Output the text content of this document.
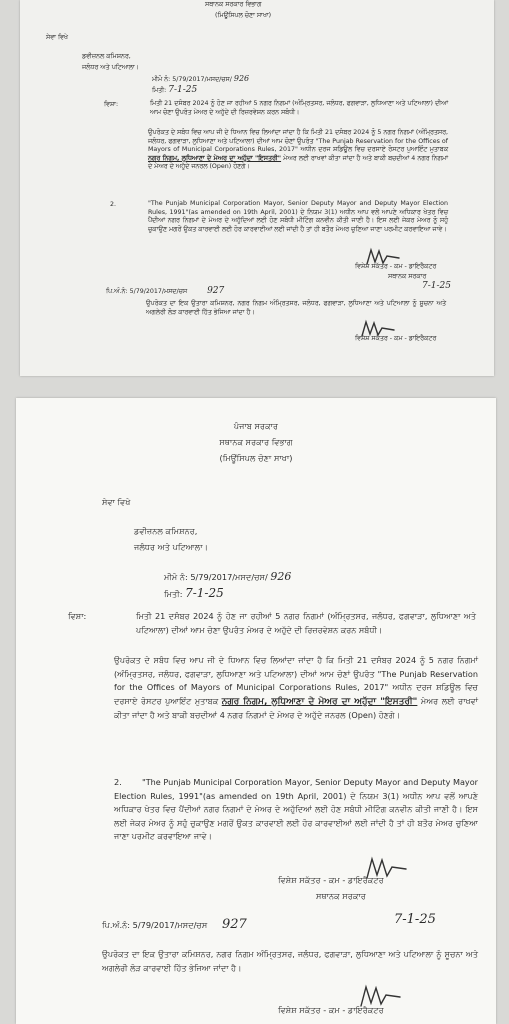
ਸਥਾਨਕ ਸਰਕਾਰ ਵਿਭਾਗ
(ਮਿਊਂਸਿਪਲ ਚੋਣਾ ਸਾਖਾ)
ਸੇਵਾ ਵਿਖੇ
ਡਵੀਜ਼ਨਲ ਕਮਿਸ਼ਨਰ,
ਜਲੰਧਰ ਅਤੇ ਪਟਿਆਲਾ।
ਮੀਮੋ ਨੰ: 5/79/2017/ਮਸਦ/ਚਸ/ 926
ਮਿਤੀ: 7-1-25
ਵਿਸ਼ਾ:	ਮਿਤੀ 21 ਦਸੰਬਰ 2024 ਨੂੰ ਹੋਣ ਜਾ ਰਹੀਆਂ 5 ਨਗਰ ਨਿਗਮਾਂ (ਅੰਮ੍ਰਿਤਸਰ, ਜਲੰਧਰ, ਫਗਵਾੜਾ, ਲੁਧਿਆਣਾ ਅਤੇ ਪਟਿਆਲਾ) ਦੀਆਂ ਆਮ ਚੋਣਾ ਉਪਰੰਤ ਮੇਅਰ ਦੇ ਅਹੁੱਦੇ ਦੀ ਰਿਜ਼ਰਵੇਸ਼ਨ ਕਰਨ ਸਬੰਧੀ।
ਉਪਰੋਕਤ ਦੇ ਸਬੰਧ ਵਿਚ ਆਪ ਜੀ ਦੇ ਧਿਆਨ ਵਿਚ ਲਿਆਂਦਾ ਜਾਂਦਾ ਹੈ ਕਿ ਮਿਤੀ 21 ਦਸੰਬਰ 2024 ਨੂੰ 5 ਨਗਰ ਨਿਗਮਾਂ (ਅੰਮ੍ਰਿਤਸਰ, ਜਲੰਧਰ, ਫਗਵਾੜਾ, ਲੁਧਿਆਣਾ ਅਤੇ ਪਟਿਆਲਾ) ਦੀਆਂ ਆਮ ਚੋਣਾਂ ਉਪਰੰਤ "The Punjab Reservation for the Offices of Mayors of Municipal Corporations Rules, 2017" ਅਧੀਨ ਦਰਜ ਸ਼ਡਿਊਲ ਵਿਚ ਦਰਸਾਏ ਰੋਸਟਰ ਪੁਆਇੰਟ ਮੁਤਾਬਕ ਨਗਰ ਨਿਗਮ, ਲੁਧਿਆਣਾ ਦੇ ਮੇਅਰ ਦਾ ਅਹੁੱਦਾ "ਇਸਤਰੀ" ਮੇਅਰ ਲਈ ਰਾਖਵਾਂ ਕੀਤਾ ਜਾਂਦਾ ਹੈ ਅਤੇ ਬਾਕੀ ਬਚਦੀਆਂ 4 ਨਗਰ ਨਿਗਮਾਂ ਦੇ ਮੇਅਰ ਦੇ ਅਹੁੱਦੇ ਜਨਰਲ (Open) ਹੋਣਗੇ।
2.	"The Punjab Municipal Corporation Mayor, Senior Deputy Mayor and Deputy Mayor Election Rules, 1991"(as amended on 19th April, 2001) ਦੇ ਨਿਯਮ 3(1) ਅਧੀਨ ਆਪ ਵਲੋਂ ਆਪਣੇ ਅਧਿਕਾਰ ਖੇਤਰ ਵਿਚ ਪੈਂਦੀਆਂ ਨਗਰ ਨਿਗਮਾਂ ਦੇ ਮੇਅਰ ਦੇ ਅਹੁੱਦਿਆਂ ਲਈ ਹੋਣ ਸਬੰਧੀ ਮੀਟਿੰਗ ਕਨਵੀਨ ਕੀਤੀ ਜਾਣੀ ਹੈ। ਇਸ ਲਈ ਜੇਕਰ ਮੇਅਰ ਨੂੰ ਸਹੁੰ ਚੁਕਾਉਣ ਮਗਰੋਂ ਉਕਤ ਕਾਰਵਾਈ ਲਈ ਹੋਰ ਕਾਰਵਾਈਆਂ ਲਈ ਜਾਂਦੀ ਹੈ ਤਾਂ ਹੀ ਬਤੌਰ ਮੇਅਰ ਚੁਣਿਆ ਜਾਣਾ ਪਰਮੀਟ ਕਰਵਾਇਆ ਜਾਵੇ।
ਵਿਸ਼ੇਸ਼ ਸਕੱਤਰ - ਕਮ - ਡਾਇਰੈਕਟਰ
ਸਥਾਨਕ ਸਰਕਾਰ
ਪਿ.ਅੰ.ਨੰ: 5/79/2017/ਮਸਦ/ਚਸ 927	7-1-25
ਉਪਰੋਕਤ ਦਾ ਇਕ ਉਤਾਰਾ ਕਮਿਸ਼ਨਰ, ਨਗਰ ਨਿਗਮ ਅੰਮ੍ਰਿਤਸਰ, ਜਲੰਧਰ, ਫਗਵਾੜਾ, ਲੁਧਿਆਣਾ ਅਤੇ ਪਟਿਆਲਾ ਨੂੰ ਸੂਚਨਾ ਅਤੇ ਅਗਲੇਰੀ ਲੋੜ ਕਾਰਵਾਈ ਹਿੱਤ ਭੇਜਿਆ ਜਾਂਦਾ ਹੈ।
ਵਿਸ਼ੇਸ਼ ਸਕੱਤਰ - ਕਮ - ਡਾਇਰੈਕਟਰ
ਪੰਜਾਬ ਸਰਕਾਰ
ਸਥਾਨਕ ਸਰਕਾਰ ਵਿਭਾਗ
(ਮਿਊਂਸਿਪਲ ਚੋਣਾ ਸਾਖਾ)
ਸੇਵਾ ਵਿਖੇ
ਡਵੀਜ਼ਨਲ ਕਮਿਸ਼ਨਰ,
ਜਲੰਧਰ ਅਤੇ ਪਟਿਆਲਾ।
ਮੀਮੋ ਨੰ: 5/79/2017/ਮਸਦ/ਚਸ/ 926
ਮਿਤੀ: 7-1-25
ਵਿਸ਼ਾ:	ਮਿਤੀ 21 ਦਸੰਬਰ 2024 ਨੂੰ ਹੋਣ ਜਾ ਰਹੀਆਂ 5 ਨਗਰ ਨਿਗਮਾਂ (ਅੰਮ੍ਰਿਤਸਰ, ਜਲੰਧਰ, ਫਗਵਾੜਾ, ਲੁਧਿਆਣਾ ਅਤੇ ਪਟਿਆਲਾ) ਦੀਆਂ ਆਮ ਚੋਣਾ ਉਪਰੰਤ ਮੇਅਰ ਦੇ ਅਹੁੱਦੇ ਦੀ ਰਿਜ਼ਰਵੇਸ਼ਨ ਕਰਨ ਸਬੰਧੀ।
ਉਪਰੋਕਤ ਦੇ ਸਬੰਧ ਵਿਚ ਆਪ ਜੀ ਦੇ ਧਿਆਨ ਵਿਚ ਲਿਆਂਦਾ ਜਾਂਦਾ ਹੈ ਕਿ ਮਿਤੀ 21 ਦਸੰਬਰ 2024 ਨੂੰ 5 ਨਗਰ ਨਿਗਮਾਂ (ਅੰਮ੍ਰਿਤਸਰ, ਜਲੰਧਰ, ਫਗਵਾੜਾ, ਲੁਧਿਆਣਾ ਅਤੇ ਪਟਿਆਲਾ) ਦੀਆਂ ਆਮ ਚੋਣਾਂ ਉਪਰੰਤ "The Punjab Reservation for the Offices of Mayors of Municipal Corporations Rules, 2017" ਅਧੀਨ ਦਰਜ ਸ਼ਡਿਊਲ ਵਿਚ ਦਰਸਾਏ ਰੋਸਟਰ ਪੁਆਇੰਟ ਮੁਤਾਬਕ ਨਗਰ ਨਿਗਮ, ਲੁਧਿਆਣਾ ਦੇ ਮੇਅਰ ਦਾ ਅਹੁੱਦਾ "ਇਸਤਰੀ" ਮੇਅਰ ਲਈ ਰਾਖਵਾਂ ਕੀਤਾ ਜਾਂਦਾ ਹੈ ਅਤੇ ਬਾਕੀ ਬਚਦੀਆਂ 4 ਨਗਰ ਨਿਗਮਾਂ ਦੇ ਮੇਅਰ ਦੇ ਅਹੁੱਦੇ ਜਨਰਲ (Open) ਹੋਣਗੇ।
2.	"The Punjab Municipal Corporation Mayor, Senior Deputy Mayor and Deputy Mayor Election Rules, 1991"(as amended on 19th April, 2001) ਦੇ ਨਿਯਮ 3(1) ਅਧੀਨ ਆਪ ਵਲੋਂ ਆਪਣੇ ਅਧਿਕਾਰ ਖੇਤਰ ਵਿਚ ਪੈਂਦੀਆਂ ਨਗਰ ਨਿਗਮਾਂ ਦੇ ਮੇਅਰ ਦੇ ਅਹੁੱਦਿਆਂ ਲਈ ਹੋਣ ਸਬੰਧੀ ਮੀਟਿੰਗ ਕਨਵੀਨ ਕੀਤੀ ਜਾਣੀ ਹੈ। ਇਸ ਲਈ ਜੇਕਰ ਮੇਅਰ ਨੂੰ ਸਹੁੰ ਚੁਕਾਉਣ ਮਗਰੋਂ ਉਕਤ ਕਾਰਵਾਈ ਲਈ ਹੋਰ ਕਾਰਵਾਈਆਂ ਲਈ ਜਾਂਦੀ ਹੈ ਤਾਂ ਹੀ ਬਤੌਰ ਮੇਅਰ ਚੁਣਿਆ ਜਾਣਾ ਪਰਮੀਟ ਕਰਵਾਇਆ ਜਾਵੇ।
ਵਿਸ਼ੇਸ਼ ਸਕੱਤਰ - ਕਮ - ਡਾਇਰੈਕਟਰ
ਸਥਾਨਕ ਸਰਕਾਰ
ਪਿ.ਅੰ.ਨੰ: 5/79/2017/ਮਸਦ/ਚਸ 927	7-1-25
ਉਪਰੋਕਤ ਦਾ ਇਕ ਉਤਾਰਾ ਕਮਿਸ਼ਨਰ, ਨਗਰ ਨਿਗਮ ਅੰਮ੍ਰਿਤਸਰ, ਜਲੰਧਰ, ਫਗਵਾੜਾ, ਲੁਧਿਆਣਾ ਅਤੇ ਪਟਿਆਲਾ ਨੂੰ ਸੂਚਨਾ ਅਤੇ ਅਗਲੇਰੀ ਲੋੜ ਕਾਰਵਾਈ ਹਿੱਤ ਭੇਜਿਆ ਜਾਂਦਾ ਹੈ।
ਵਿਸ਼ੇਸ਼ ਸਕੱਤਰ - ਕਮ - ਡਾਇਰੈਕਟਰ
